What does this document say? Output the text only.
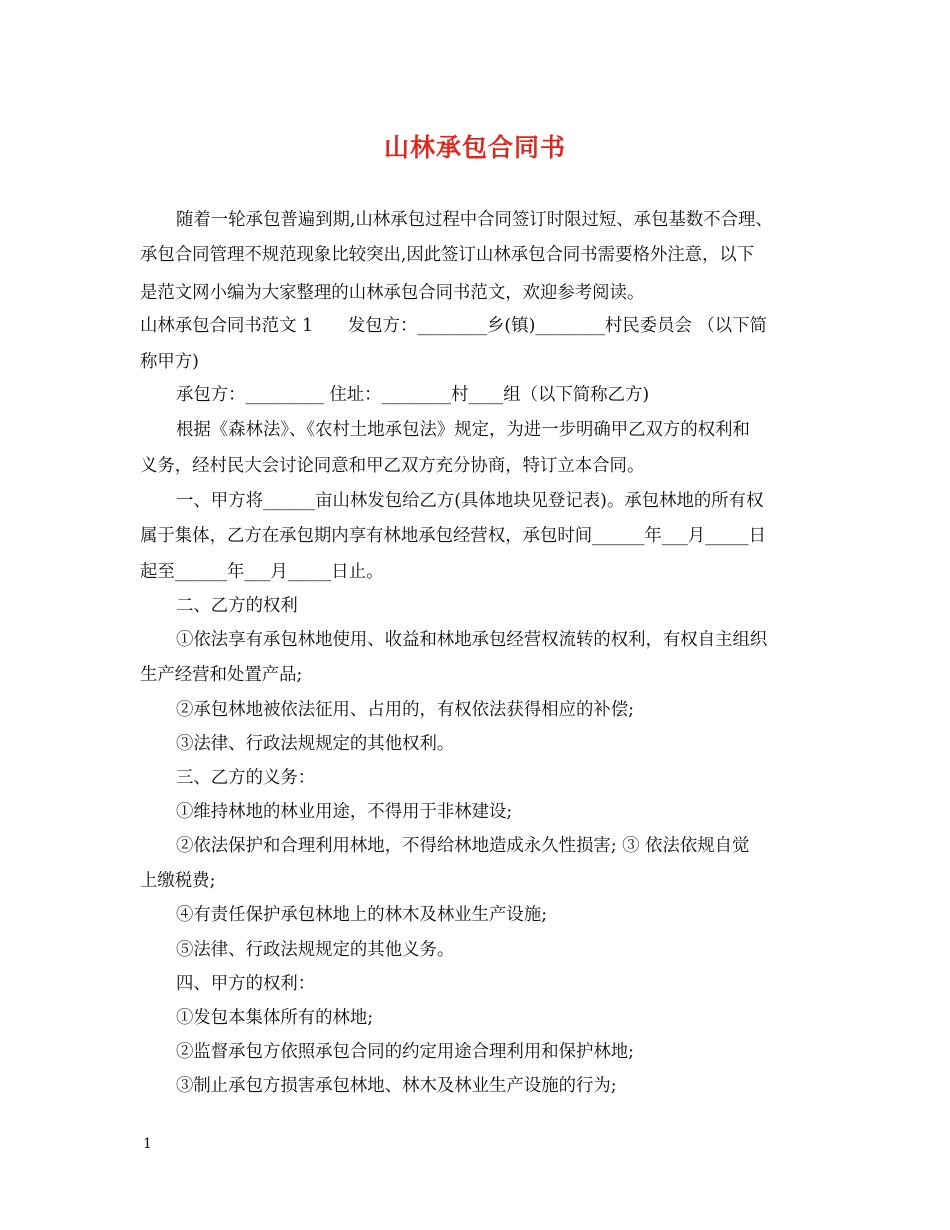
山林承包合同书
随着一轮承包普遍到期,山林承包过程中合同签订时限过短、承包基数不合理、
承包合同管理不规范现象比较突出,因此签订山林承包合同书需要格外注意，以下
是范文网小编为大家整理的山林承包合同书范文，欢迎参考阅读。
山林承包合同书范文 1　　发包方：________乡(镇)________村民委员会 （以下简
称甲方)
承包方：_________ 住址：________村____组（以下简称乙方)
根据《森林法》、《农村土地承包法》规定，为进一步明确甲乙双方的权利和
义务，经村民大会讨论同意和甲乙双方充分协商，特订立本合同。
一、甲方将______亩山林发包给乙方(具体地块见登记表)。承包林地的所有权
属于集体，乙方在承包期内享有林地承包经营权，承包时间______年___月_____日
起至______年___月_____日止。
二、乙方的权利
①依法享有承包林地使用、收益和林地承包经营权流转的权利，有权自主组织
生产经营和处置产品;
②承包林地被依法征用、占用的，有权依法获得相应的补偿;
③法律、行政法规规定的其他权利。
三、乙方的义务：
①维持林地的林业用途，不得用于非林建设;
②依法保护和合理利用林地，不得给林地造成永久性损害; ③ 依法依规自觉
上缴税费;
④有责任保护承包林地上的林木及林业生产设施;
⑤法律、行政法规规定的其他义务。
四、甲方的权利：
①发包本集体所有的林地;
②监督承包方依照承包合同的约定用途合理利用和保护林地;
③制止承包方损害承包林地、林木及林业生产设施的行为;
1
